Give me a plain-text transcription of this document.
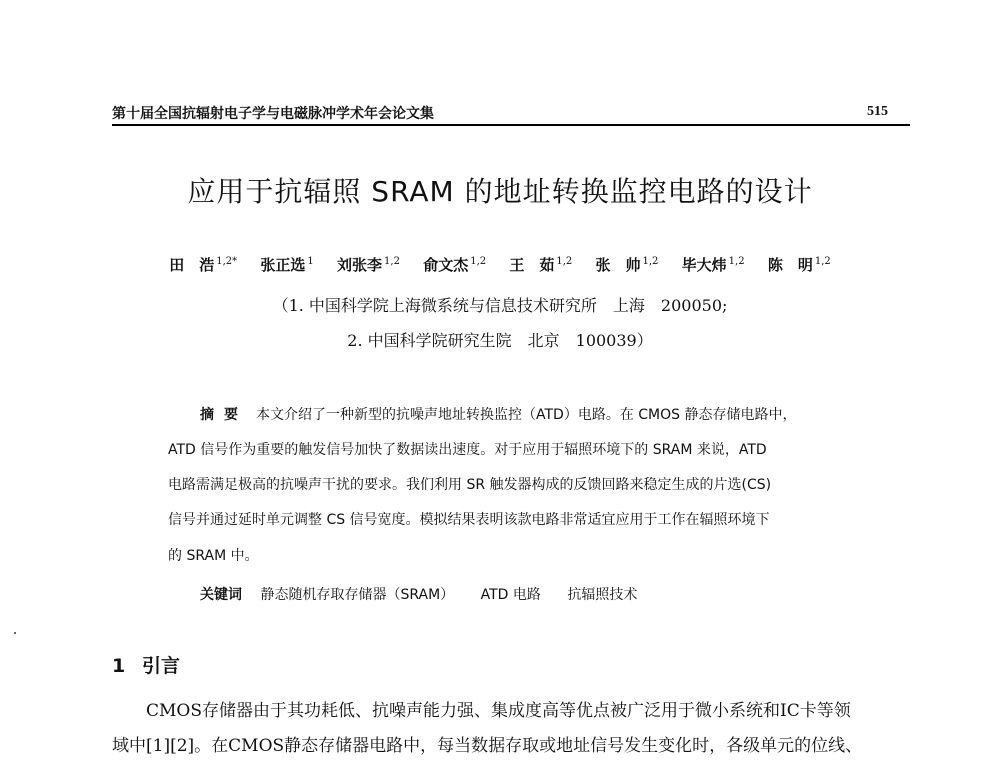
第十届全国抗辐射电子学与电磁脉冲学术年会论文集	515
应用于抗辐照 SRAM 的地址转换监控电路的设计
田　浩 $^{1,2*}$ 张正选 $^1$ 刘张李 $^{1,2}$ 俞文杰 $^{1,2}$ 王　茹 $^{1,2}$ 张　帅 $^{1,2}$ 毕大炜 $^{1,2}$ 陈　明 $^{1,2}$
（1. 中国科学院上海微系统与信息技术研究所　上海　200050;
2. 中国科学院研究生院　北京　100039）
摘要 本文介绍了一种新型的抗噪声地址转换监控（ATD）电路。在 CMOS 静态存储电路中，
ATD 信号作为重要的触发信号加快了数据读出速度。对于应用于辐照环境下的 SRAM 来说，ATD
电路需满足极高的抗噪声干扰的要求。我们利用 SR 触发器构成的反馈回路来稳定生成的片选(CS)
信号并通过延时单元调整 CS 信号宽度。模拟结果表明该款电路非常适宜应用于工作在辐照环境下
的 SRAM 中。
关键词 静态随机存取存储器（SRAM） ATD 电路 抗辐照技术
1 引言
CMOS存储器由于其功耗低、抗噪声能力强、集成度高等优点被广泛用于微小系统和IC卡等领
域中[1][2]。在CMOS静态存储器电路中，每当数据存取或地址信号发生变化时，各级单元的位线、
